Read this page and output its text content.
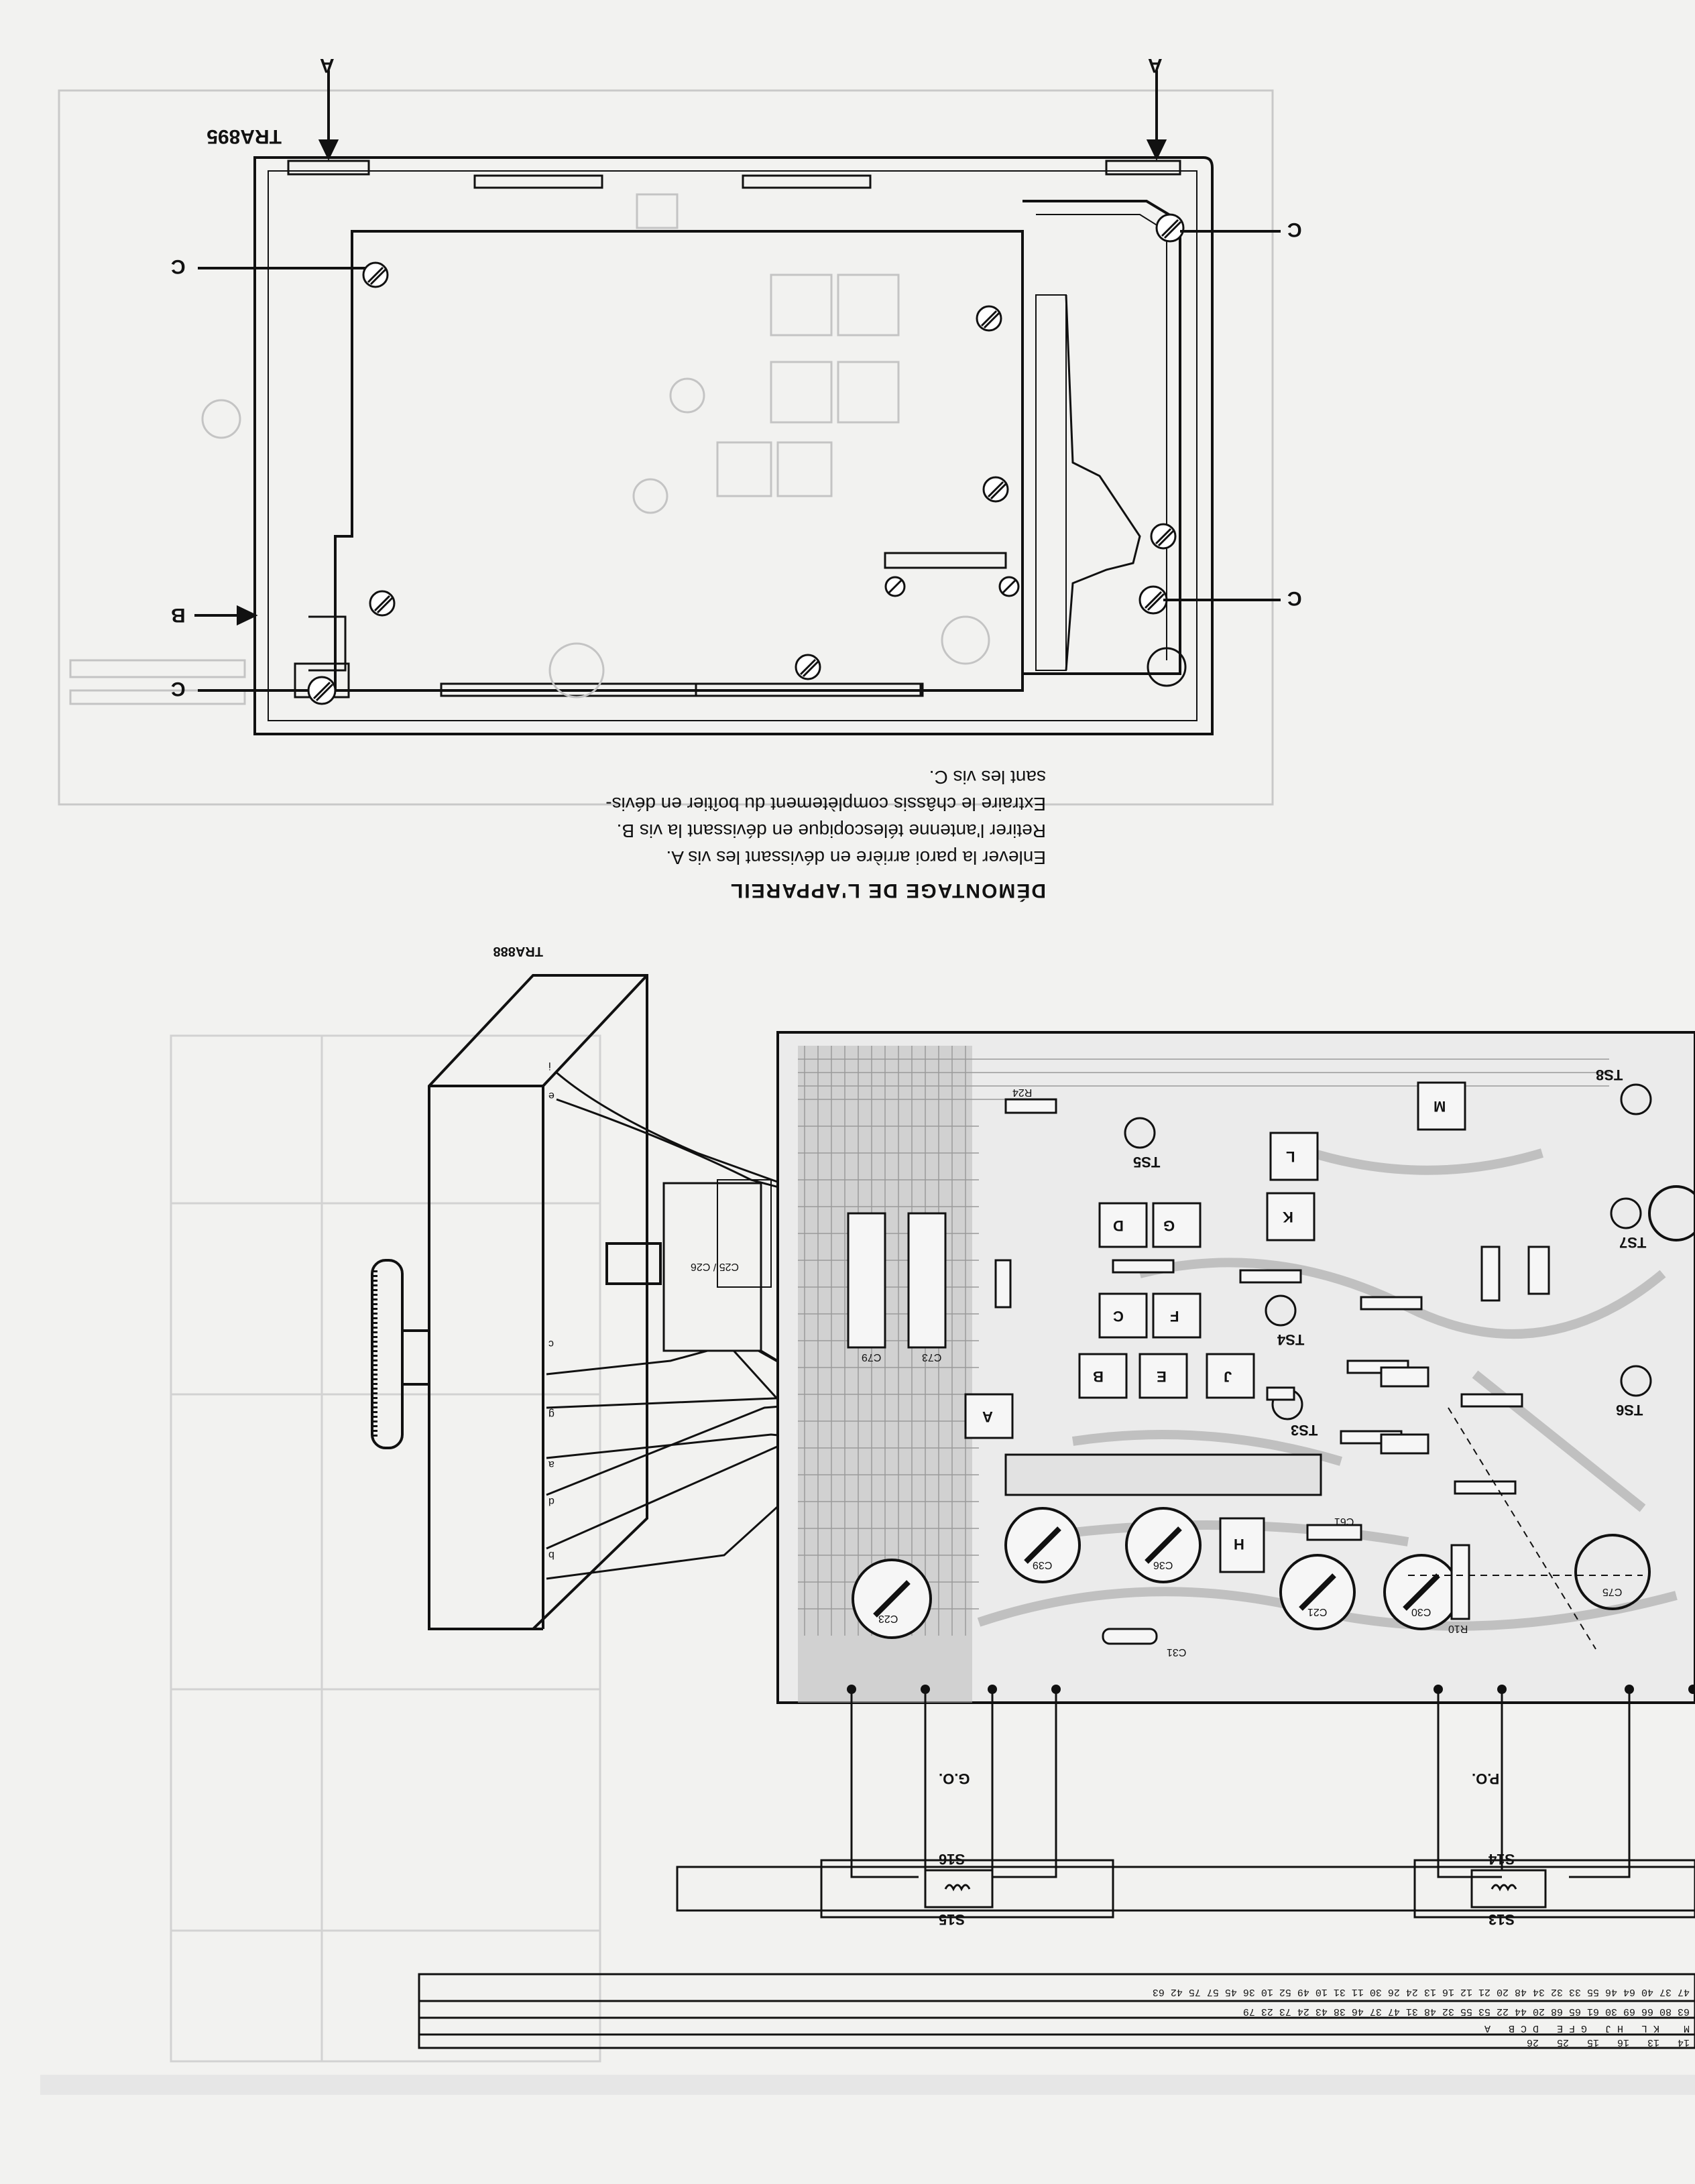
TRA895
DÉMONTAGE DE L'APPAREIL
Enlever la paroi arrière en dévissant les vis A.
Retirer l'antenne télescopique en dévissant la vis B.
Extraire le châssis complètement du boîtier en dévis-
sant les vis C.
A	A
C
C
C
C
B
TRA888
S15
S16
S13
S14
G.O.	P.O.
G
D
C	F
B	E	J
A
H
L
K
M
TS5
TS4
TS3
TS6
TS7
TS8
C23
C39	C36
C21	C30
C31
C79	C73
C25 / C26
R24
R10
C61
C75
i
e
c
g
a
d
b
47 37 40 64 46 55 33 32 34 48 20 21 12 16 13 24 26 30 11 31 10 49 52 10 36 45 57 75 42 63
63 80 66 69 30 61 65 68 20 44 22 53 55 32 48 31 47 37 46 38 43 24 73 23 79
M    K L   H J   G F E   D C B   A
14   13   16   15   25   26
